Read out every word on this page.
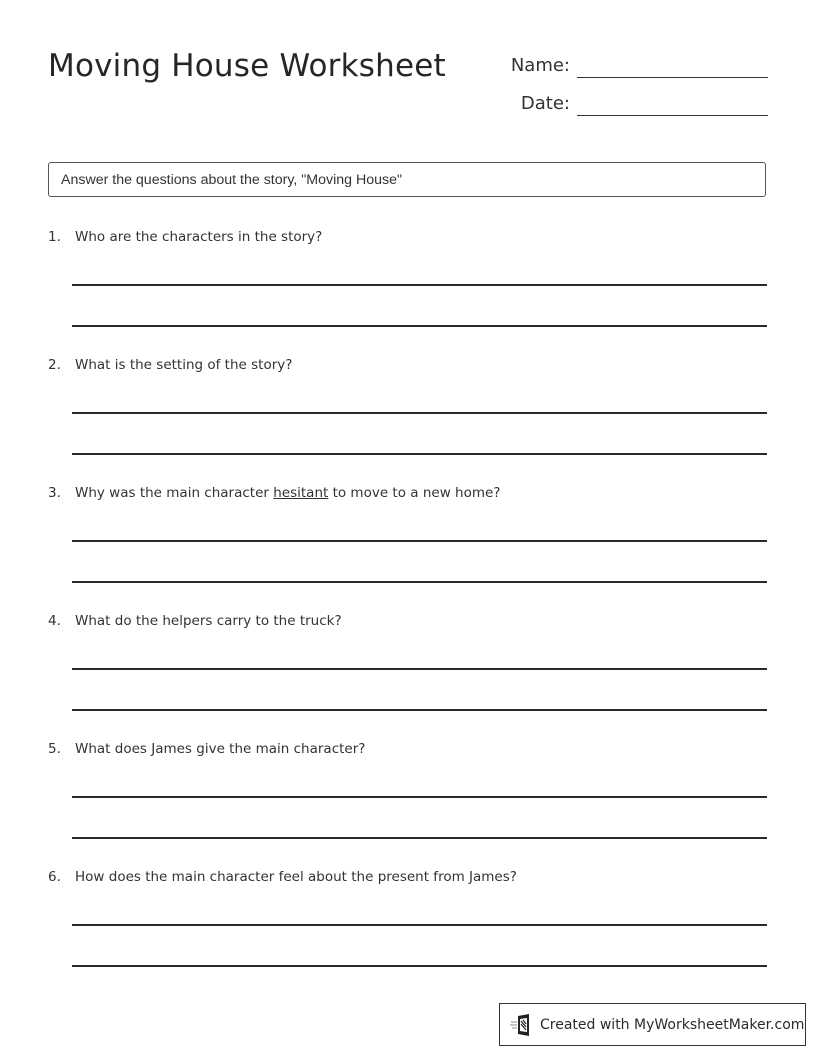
Moving House Worksheet	Name:
Date:
Answer the questions about the story, "Moving House"
1. Who are the characters in the story?
2. What is the setting of the story?
3. Why was the main character hesitant to move to a new home?
4. What do the helpers carry to the truck?
5. What does James give the main character?
6. How does the main character feel about the present from James?
Created with MyWorksheetMaker.com
